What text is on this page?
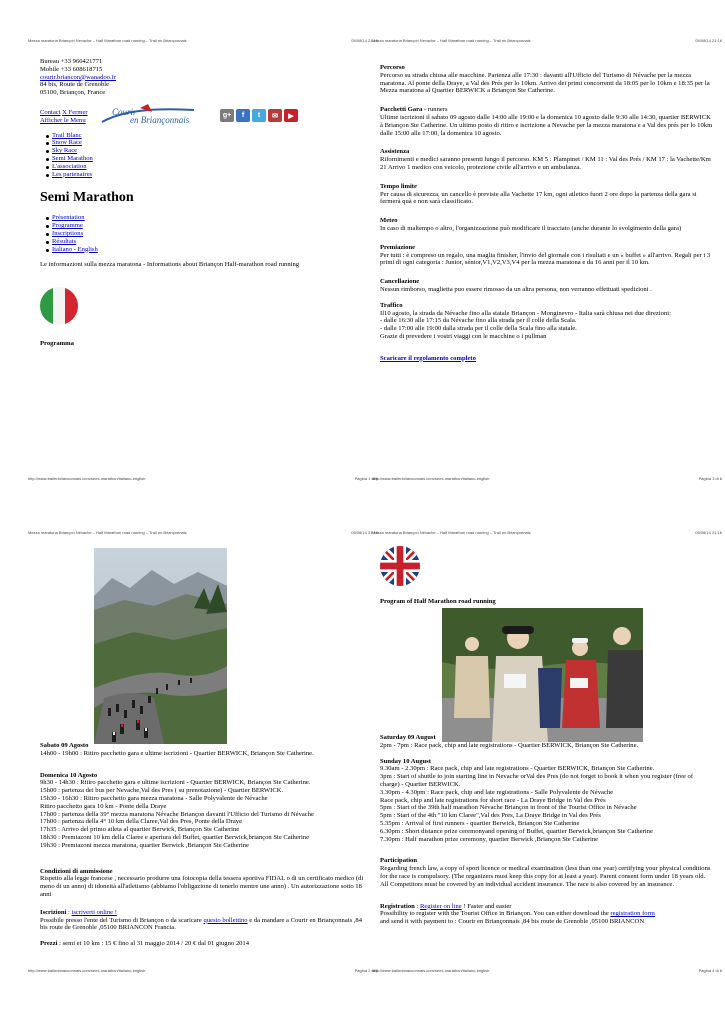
Mezza maratona Briançon Nevache – Half Marathon road running – Trail en Briançonnais	05/08/14 21:16
Bureau +33 960421771
Mobile +33 608618715
courir.briancon@wanadoo.fr
84 bis, Route de Grenoble
05100, Briançon, France
Contact X Fermer
Afficher le Menu
Trail Blanc
Snow Race
Sky Race
Semi Marathon
L'association
Les partenaires
Semi Marathon
Présentation
Programme
Inscriptions
Résultats
Italiano - English
Le informazioni sulla mezza maratona - Informations about Briançon Half-marathon road running
Programma
Courir
en Briançonnais	g+	f	t	✉	▶
http://www.trailenbrianconnais.com/semi-marathon/italiano-english	Pagina 1 di 6
Mezza maratona Briançon Nevache – Half Marathon road running – Trail en Briançonnais	05/08/14 21:16

Percorso

Percorso su strada chiusa alle macchine. Partenza alle 17:30 : davanti all'Ufficio del Turismo di Névache per la mezza maratona. Al ponte della Draye, a Val des Prés per lo 10km. Arrivo dei primi concorrenti da 18:05 per lo 10km e 18:35 per la Mezza maratona al Quartier BERWICK a Briançon Ste Catherine.

Pacchetti Gara - runners

Ultime iscrizioni il sabato 09 agosto dalle 14:00 alle 19:00 e la domenica 10 agosto dalle 9:30 alle 14:30, quartier BERWICK à Briançon Ste Catherine. Un ultimo posto di ritiro e iscrizione a Nevache per la mezza maratona e a Val des prés per lo 10km dalle 15:00 alle 17:00, la domenica 10 agosto.

Assistenza

Rifornimenti e medici saranno presenti lungo il percorso. KM 5 : Plampinet / KM 11 : Val des Prés / KM 17 : la Vachette/Km 21 Arrivo 1 medico con veicolo, protezione civile all'arrivo e un ambulanza.

Tempo limite

Per causa di sicurezza, un cancello è previste alla Vachette 17 km, ogni atletico fuori 2 ore dopo la partenza della gara si fermerà quà e non sarà classificato.

Meteo

In caso di maltempo o altro, l'organizzazione può modificare il tracciato (anche durante lo svolgimento della gara)

Premiazione

Per tutti : è compreso un regalo, una maglia finisher, l'invio del giornale con i risultati e un « buffet » all'arrivo. Regali per i 3 primi di ogni categoria : Junior, sénior,V1,V2,V3,V4 per la mezza maratona e da 16 anni per il 10 km.

Cancellazione

Nessun rimborso, maglietta puo essere rimosso da un altra persona, non verranno effettuati spedizioni .

Traffico

Il10 agosto, la strada da Névache fino alla statale Briançon - Monginevro - Italia sarà chiusa nei due direzioni:

- dalle 16:30 alle 17:15 da Névache fino alla strada per il colle della Scala.

- dalle 17:00 alle 19:00 dalla strada per il colle della Scala fino alla statale.

Grazie di prevedere i vostri viaggi con le macchine o i pullman

Scaricare il regolamento completo
http://www.trailenbrianconnais.com/semi-marathon/italiano-english	Pagina 3 di 6
Mezza maratona Briançon Nevache – Half Marathon road running – Trail en Briançonnais	05/08/14 21:16

Sabato 09 Agosto

14h00 - 19h00 : Ritiro pacchetto gara e ultime iscrizioni - Quartier BERWICK, Briançon Ste Catherine.

Domenica 10 Agosto

9h30 - 14h30 : Ritiro pacchetto gara e ultime iscrizioni - Quartier BERWICK, Briançon Ste Catherine.

15h00 : partenza dei bus per Nevache,Val des Pres ( su prenotazione) - Quartier BERWICK.

15h30 - 16h30 : Ritiro pacchetto gara mezza maratona - Salle Polyvalente de Névache

Ritiro pacchetto gara 10 km - Ponte della Draye

17h00 : partenza della 39° mezza maratona Névache Briançon davanti l'Ufficio del Turismo di Névache

17h00 : partenza della 4° 10 km della Claree,Val des Pres, Ponte della Draye

17h35 : Arrivo del primo atleta al quartier Berwick, Briançon Ste Catherine

18h30 : Premiazoni 10 km della Claree e apertura del Buffet, quartier Berwick,briançon Ste Catherine

19h30 : Premiazoni mezza maratona, quartier Berwick ,Briançon Ste Catherine

Condizioni di ammissione

Rispetto alla legge francese , necessario produrre una fotocopia della tessera sportiva FIDAL o di un certificato medico (di meno di un anno) di idoneità all'atletismo (abbiamo l'obligazione di tenerlo mentre une anno) . Un autorizzazione sotto 18 anni

Iscrizioni : iscriverti online !

Possibile presso l'ente del Turismo di Briançon o da scaricare questo bollettino e da mandare a Courir en Briançonnais ,84 bis route de Grenoble ,05100 BRIANCON Francia.

Prezzi : semi et 10 km : 15 € fino al 31 maggio 2014 / 20 € dal 01 giugno 2014

http://www.trailenbrianconnais.com/semi-marathon/italiano-english	Pagina 2 di 6
Mezza maratona Briançon Nevache – Half Marathon road running – Trail en Briançonnais	05/08/14 21:16

Program of Half Marathon road running

Saturday 09 August

2pm - 7pm : Race pack, chip and late registrations - Quartier BERWICK, Briançon Ste Catherine.

Sunday 10 August

9.30am - 2.30pm : Race pack, chip and late registrations - Quartier BERWICK, Briançon Ste Catherine.

3pm : Start of shuttle to join starting line in Nevache orVal des Pres (do not forget to book it when you register (free of charge) - Quartier BERWICK.

3.30pm - 4.30pm : Race pack, chip and late registrations - Salle Polyvalente de Névache

Race pack, chip and late registrations for short race - La Draye Bridge in Val des Prés

5pm : Start of the 39th half marathon Névache Briançon in front of the Tourist Office in Névache

5pm : Start of the 4th "10 km Claree",Val des Pres, La Draye Bridge in Val des Prés

5.35pm : Arrival of first runners - quartier Berwick, Briançon Ste Catherine

6.30pm : Short distance prize ceremonyand opening of Buffet, quartier Berwick,briançon Ste Catherine

7.30pm : Half marathon prize ceremony, quartier Berwick ,Briançon Ste Catherine

Participation

Regarding french law, a copy of sport licence or medical examination (less than one year) certifying your physical conditions for the race is compulsory. (The organizers must keep this copy for at least a year). Parent consent form under 18 years old.

All Competitors must be covered by an individual accident insurance. The race is also covered by an insurance.

Registration : Register on line ! Faster and easier

Possibility to register with the Tourist Office in Briançon. You can either download the registration form

and send it with payment to : Courir en Briançonnais ,84 bis route de Grenoble ,05100 BRIANCON

http://www.trailenbrianconnais.com/semi-marathon/italiano-english	Pagina 4 di 6
